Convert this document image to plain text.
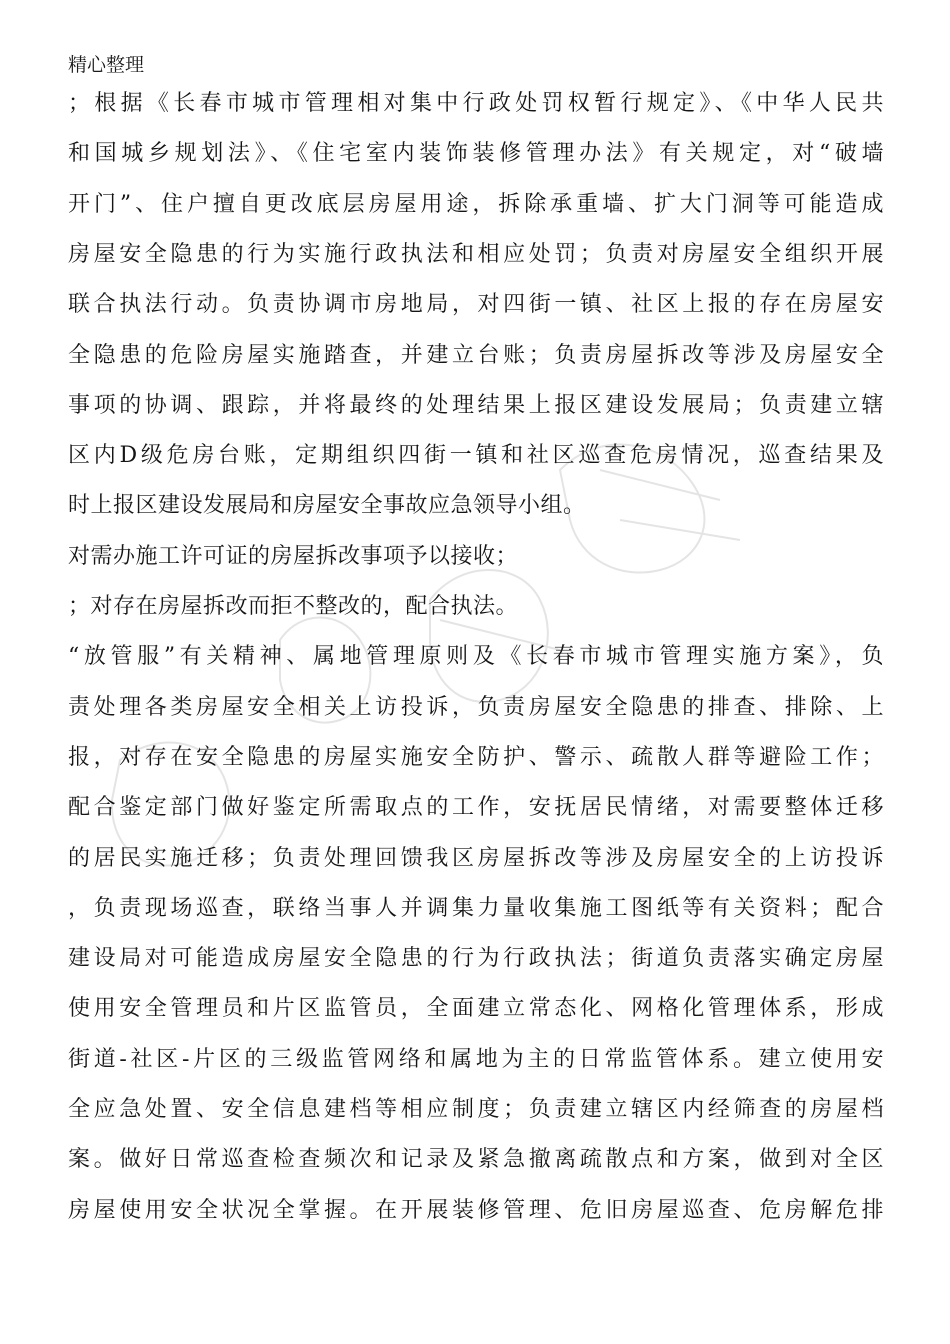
精心整理
；根据《长春市城市管理相对集中行政处罚权暂行规定》、《中华人民共
和国城乡规划法》、《住宅室内装饰装修管理办法》有关规定，对“破墙
开门”、住户擅自更改底层房屋用途，拆除承重墙、扩大门洞等可能造成
房屋安全隐患的行为实施行政执法和相应处罚；负责对房屋安全组织开展
联合执法行动。负责协调市房地局，对四街一镇、社区上报的存在房屋安
全隐患的危险房屋实施踏查，并建立台账；负责房屋拆改等涉及房屋安全
事项的协调、跟踪，并将最终的处理结果上报区建设发展局；负责建立辖
区内D级危房台账，定期组织四街一镇和社区巡查危房情况，巡查结果及
时上报区建设发展局和房屋安全事故应急领导小组。
对需办施工许可证的房屋拆改事项予以接收；
；对存在房屋拆改而拒不整改的，配合执法。
“放管服”有关精神、属地管理原则及《长春市城市管理实施方案》，负
责处理各类房屋安全相关上访投诉，负责房屋安全隐患的排查、排除、上
报，对存在安全隐患的房屋实施安全防护、警示、疏散人群等避险工作；
配合鉴定部门做好鉴定所需取点的工作，安抚居民情绪，对需要整体迁移
的居民实施迁移；负责处理回馈我区房屋拆改等涉及房屋安全的上访投诉
，负责现场巡查，联络当事人并调集力量收集施工图纸等有关资料；配合
建设局对可能造成房屋安全隐患的行为行政执法；街道负责落实确定房屋
使用安全管理员和片区监管员，全面建立常态化、网格化管理体系，形成
街道-社区-片区的三级监管网络和属地为主的日常监管体系。建立使用安
全应急处置、安全信息建档等相应制度；负责建立辖区内经筛查的房屋档
案。做好日常巡查检查频次和记录及紧急撤离疏散点和方案，做到对全区
房屋使用安全状况全掌握。在开展装修管理、危旧房屋巡查、危房解危排
